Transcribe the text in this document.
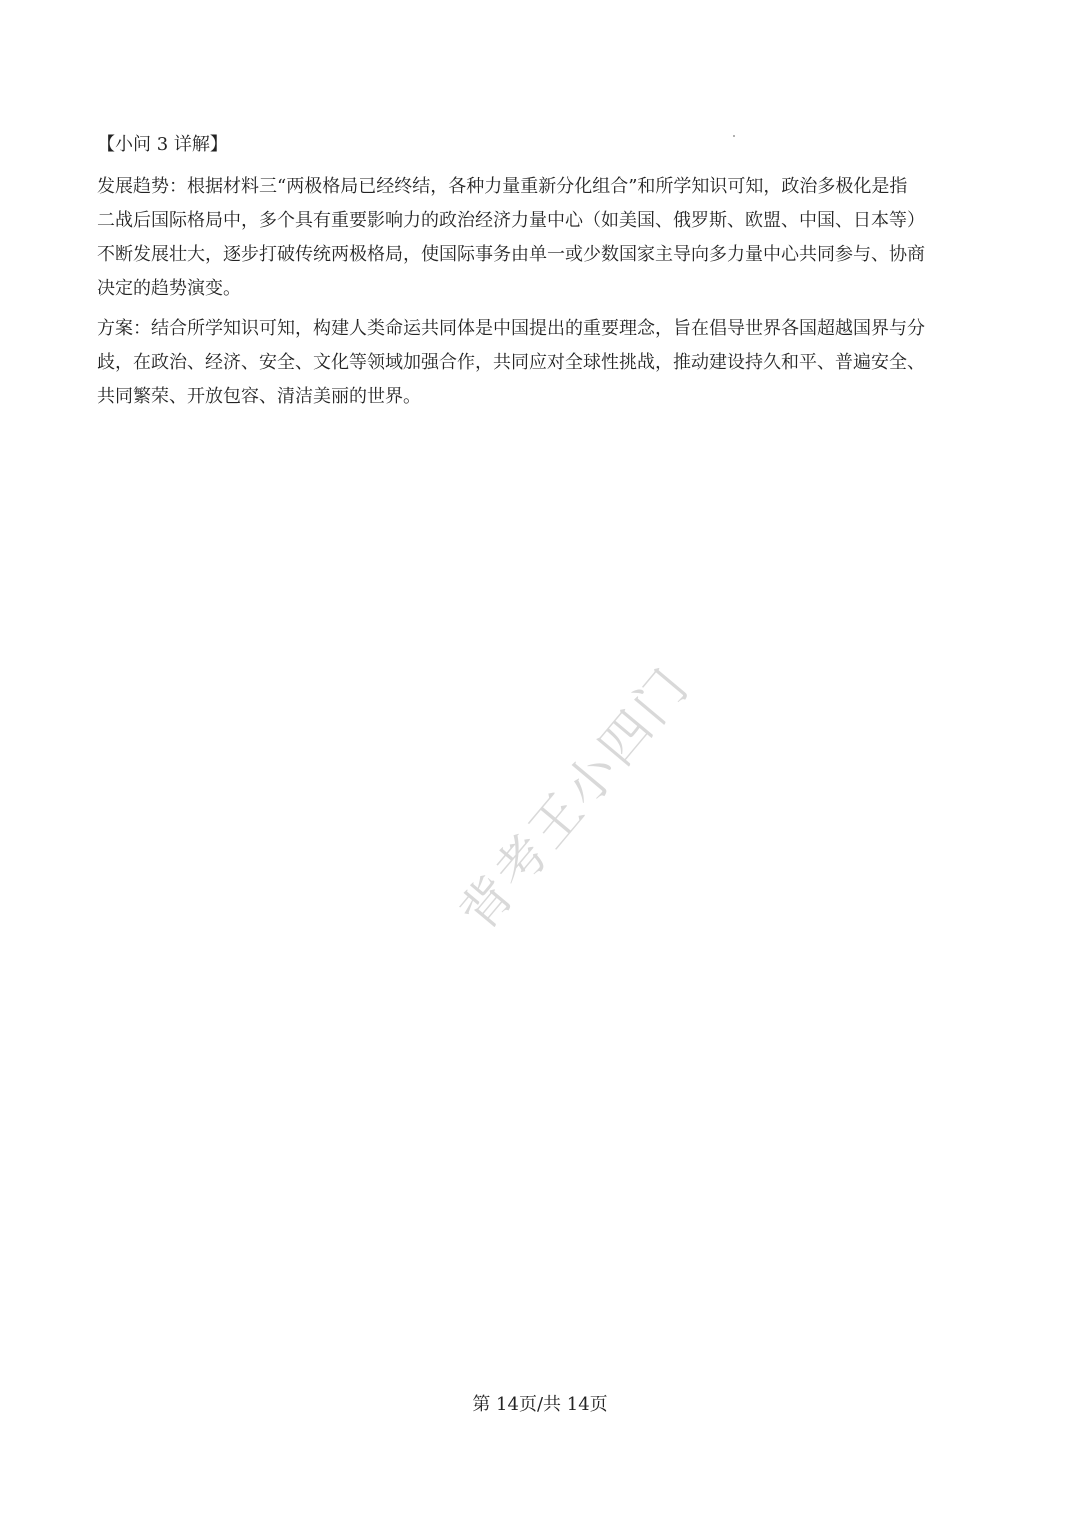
【小问 3 详解】
发展趋势：根据材料三“两极格局已经终结，各种力量重新分化组合”和所学知识可知，政治多极化是指
二战后国际格局中，多个具有重要影响力的政治经济力量中心（如美国、俄罗斯、欧盟、中国、日本等）
不断发展壮大，逐步打破传统两极格局，使国际事务由单一或少数国家主导向多力量中心共同参与、协商
决定的趋势演变。
方案：结合所学知识可知，构建人类命运共同体是中国提出的重要理念，旨在倡导世界各国超越国界与分
歧，在政治、经济、安全、文化等领域加强合作，共同应对全球性挑战，推动建设持久和平、普遍安全、
共同繁荣、开放包容、清洁美丽的世界。
背考王小四门
第 14页/共 14页
